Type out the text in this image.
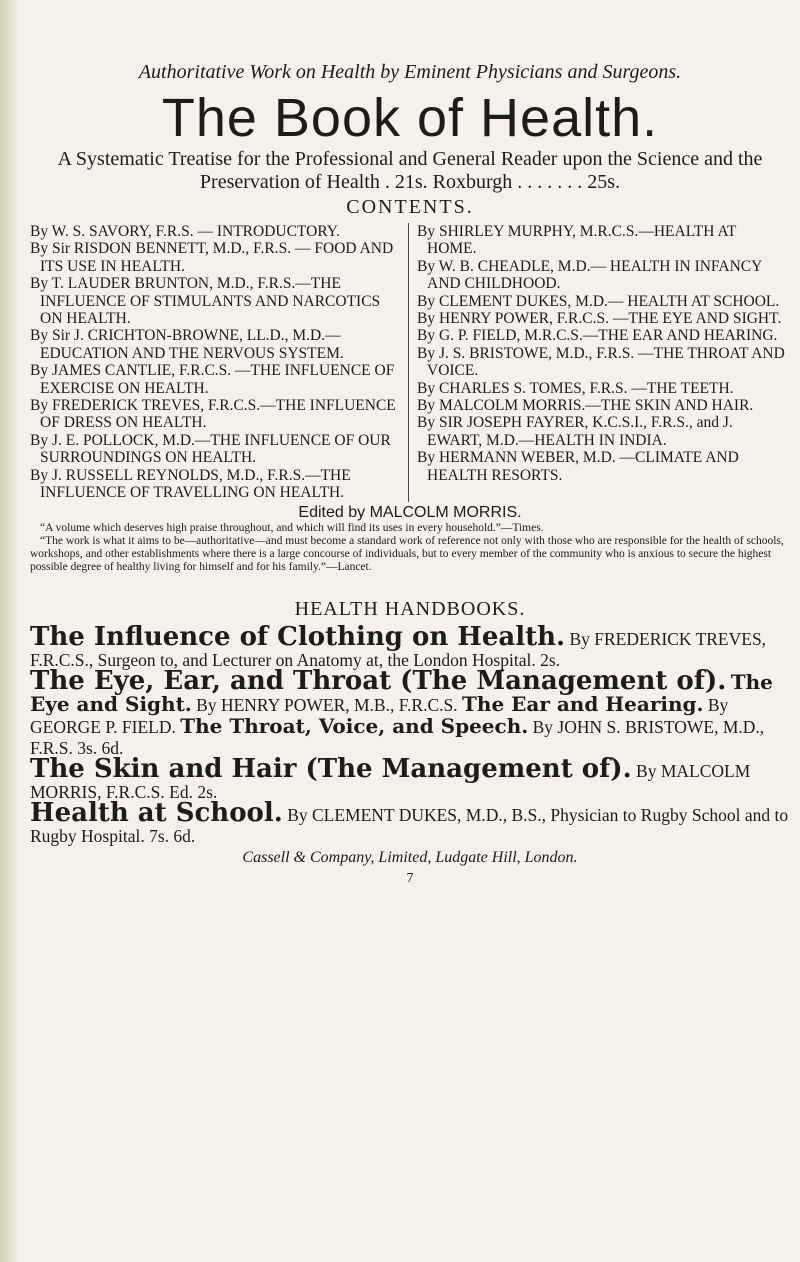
Authoritative Work on Health by Eminent Physicians and Surgeons.
The Book of Health.
A Systematic Treatise for the Professional and General Reader upon the Science and the Preservation of Health . 21s. Roxburgh . . . . . . . 25s.
CONTENTS.
By W. S. SAVORY, F.R.S. — INTRODUCTORY.
By Sir RISDON BENNETT, M.D., F.R.S. — FOOD AND ITS USE IN HEALTH.
By T. LAUDER BRUNTON, M.D., F.R.S.—THE INFLUENCE OF STIMULANTS AND NARCOTICS ON HEALTH.
By Sir J. CRICHTON-BROWNE, LL.D., M.D.—EDUCATION AND THE NERVOUS SYSTEM.
By JAMES CANTLIE, F.R.C.S. —THE INFLUENCE OF EXERCISE ON HEALTH.
By FREDERICK TREVES, F.R.C.S.—THE INFLUENCE OF DRESS ON HEALTH.
By J. E. POLLOCK, M.D.—THE INFLUENCE OF OUR SURROUNDINGS ON HEALTH.
By J. RUSSELL REYNOLDS, M.D., F.R.S.—THE INFLUENCE OF TRAVELLING ON HEALTH.
By SHIRLEY MURPHY, M.R.C.S.—HEALTH AT HOME.
By W. B. CHEADLE, M.D.— HEALTH IN INFANCY AND CHILDHOOD.
By CLEMENT DUKES, M.D.— HEALTH AT SCHOOL.
By HENRY POWER, F.R.C.S. —THE EYE AND SIGHT.
By G. P. FIELD, M.R.C.S.—THE EAR AND HEARING.
By J. S. BRISTOWE, M.D., F.R.S. —THE THROAT AND VOICE.
By CHARLES S. TOMES, F.R.S. —THE TEETH.
By MALCOLM MORRIS.—THE SKIN AND HAIR.
By SIR JOSEPH FAYRER, K.C.S.I., F.R.S., and J. EWART, M.D.—HEALTH IN INDIA.
By HERMANN WEBER, M.D. —CLIMATE AND HEALTH RESORTS.
Edited by MALCOLM MORRIS.

“A volume which deserves high praise throughout, and which will find its uses in every household.”—Times.

“The work is what it aims to be—authoritative—and must become a standard work of reference not only with those who are responsible for the health of schools, workshops, and other establishments where there is a large concourse of individuals, but to every member of the community who is anxious to secure the highest possible degree of healthy living for himself and for his family.”—Lancet.

HEALTH HANDBOOKS.
The Influence of Clothing on Health. By FREDERICK TREVES, F.R.C.S., Surgeon to, and Lecturer on Anatomy at, the London Hospital. 2s.
The Eye, Ear, and Throat (The Management of). The Eye and Sight. By HENRY POWER, M.B., F.R.C.S. The Ear and Hearing. By GEORGE P. FIELD. The Throat, Voice, and Speech. By JOHN S. BRISTOWE, M.D., F.R.S. 3s. 6d.
The Skin and Hair (The Management of). By MALCOLM MORRIS, F.R.C.S. Ed. 2s.
Health at School. By CLEMENT DUKES, M.D., B.S., Physician to Rugby School and to Rugby Hospital. 7s. 6d.
Cassell & Company, Limited, Ludgate Hill, London.
7
